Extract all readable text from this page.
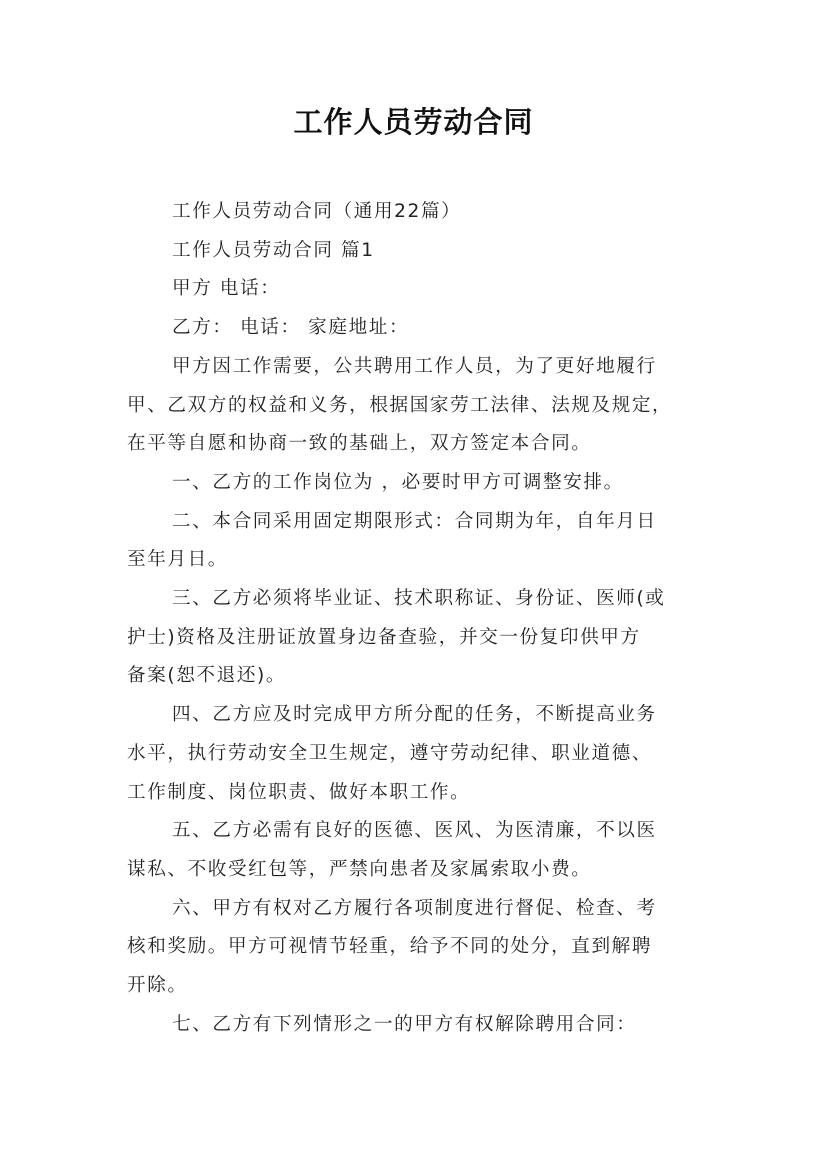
工作人员劳动合同
工作人员劳动合同（通用22篇）
工作人员劳动合同 篇1
甲方 电话：
乙方： 电话： 家庭地址：
甲方因工作需要，公共聘用工作人员，为了更好地履行
甲、乙双方的权益和义务，根据国家劳工法律、法规及规定，
在平等自愿和协商一致的基础上，双方签定本合同。
一、乙方的工作岗位为 ，必要时甲方可调整安排。
二、本合同采用固定期限形式：合同期为年，自年月日
至年月日。
三、乙方必须将毕业证、技术职称证、身份证、医师(或
护士)资格及注册证放置身边备查验，并交一份复印供甲方
备案(恕不退还)。
四、乙方应及时完成甲方所分配的任务，不断提高业务
水平，执行劳动安全卫生规定，遵守劳动纪律、职业道德、
工作制度、岗位职责、做好本职工作。
五、乙方必需有良好的医德、医风、为医清廉，不以医
谋私、不收受红包等，严禁向患者及家属索取小费。
六、甲方有权对乙方履行各项制度进行督促、检查、考
核和奖励。甲方可视情节轻重，给予不同的处分，直到解聘
开除。
七、乙方有下列情形之一的甲方有权解除聘用合同：
